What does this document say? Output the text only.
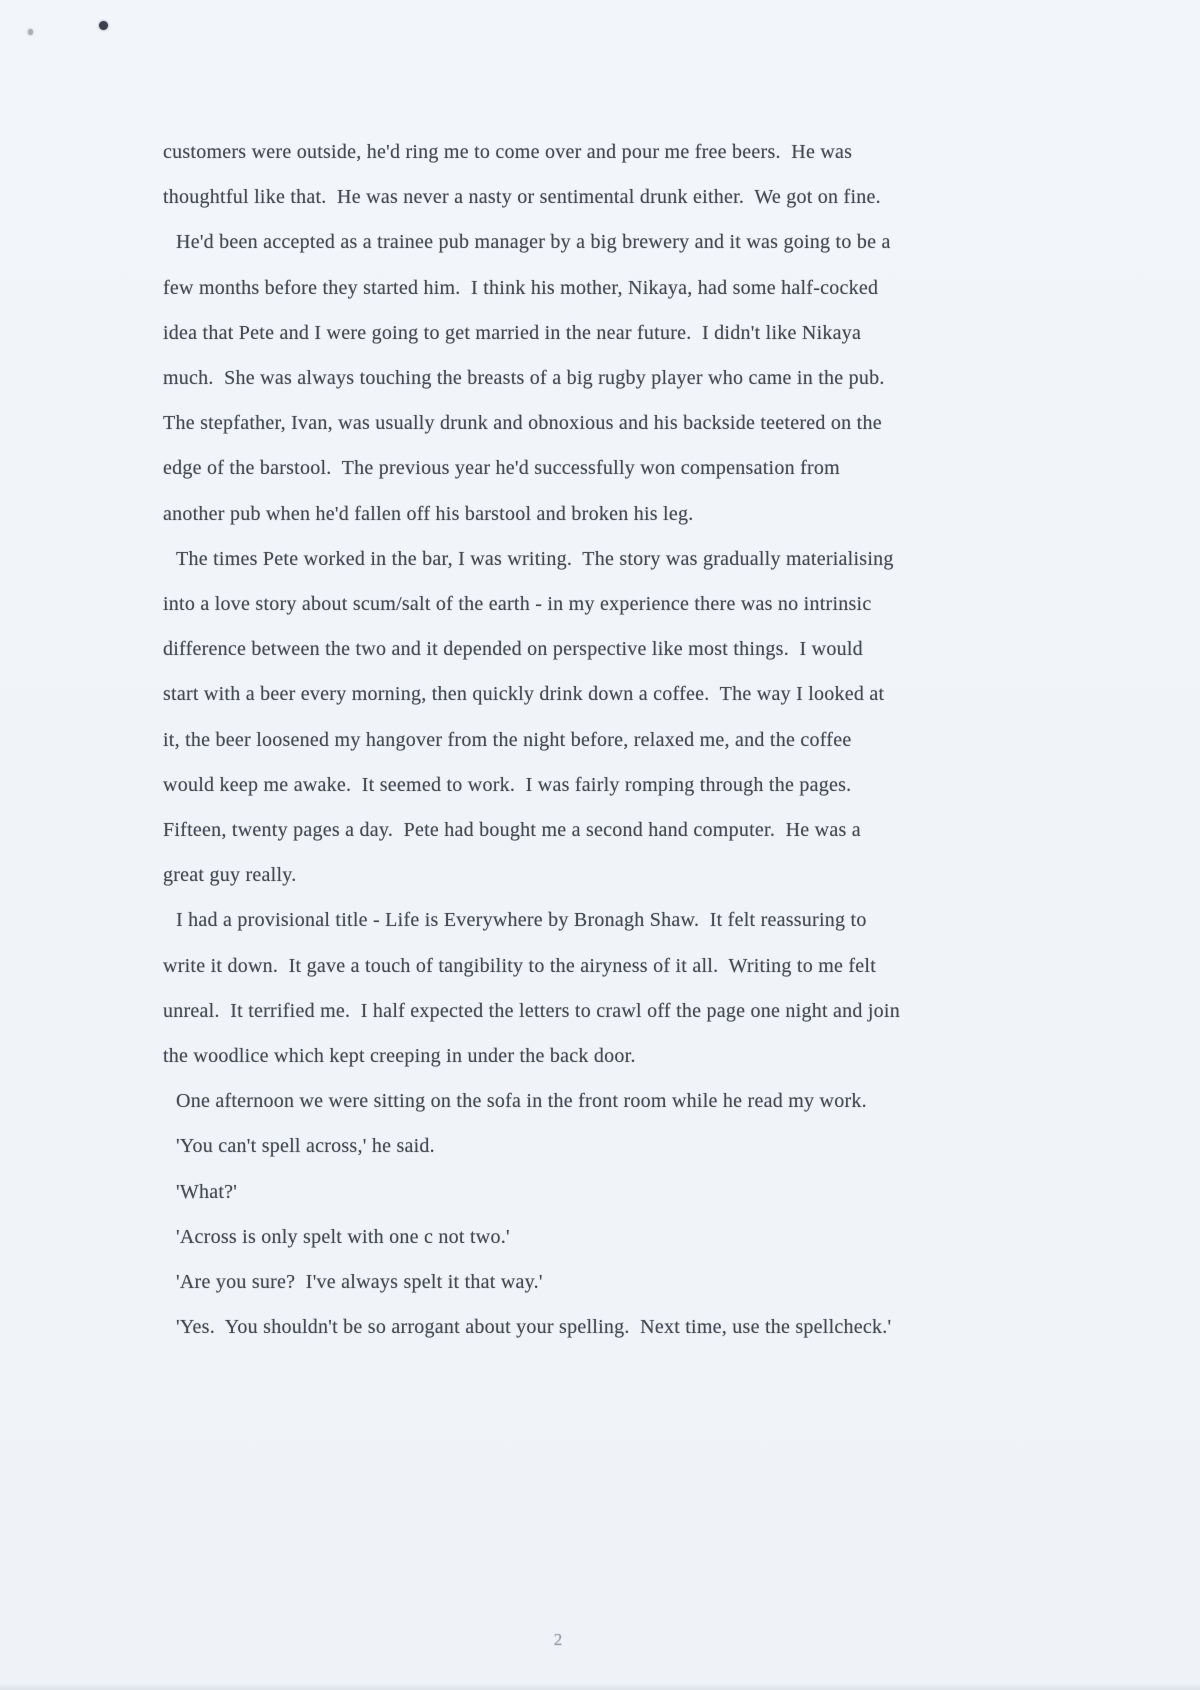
customers were outside, he'd ring me to come over and pour me free beers.  He was
thoughtful like that.  He was never a nasty or sentimental drunk either.  We got on fine.
He'd been accepted as a trainee pub manager by a big brewery and it was going to be a
few months before they started him.  I think his mother, Nikaya, had some half-cocked
idea that Pete and I were going to get married in the near future.  I didn't like Nikaya
much.  She was always touching the breasts of a big rugby player who came in the pub.
The stepfather, Ivan, was usually drunk and obnoxious and his backside teetered on the
edge of the barstool.  The previous year he'd successfully won compensation from
another pub when he'd fallen off his barstool and broken his leg.
The times Pete worked in the bar, I was writing.  The story was gradually materialising
into a love story about scum/salt of the earth - in my experience there was no intrinsic
difference between the two and it depended on perspective like most things.  I would
start with a beer every morning, then quickly drink down a coffee.  The way I looked at
it, the beer loosened my hangover from the night before, relaxed me, and the coffee
would keep me awake.  It seemed to work.  I was fairly romping through the pages.
Fifteen, twenty pages a day.  Pete had bought me a second hand computer.  He was a
great guy really.
I had a provisional title - Life is Everywhere by Bronagh Shaw.  It felt reassuring to
write it down.  It gave a touch of tangibility to the airyness of it all.  Writing to me felt
unreal.  It terrified me.  I half expected the letters to crawl off the page one night and join
the woodlice which kept creeping in under the back door.
One afternoon we were sitting on the sofa in the front room while he read my work.
'You can't spell across,' he said.
'What?'
'Across is only spelt with one c not two.'
'Are you sure?  I've always spelt it that way.'
'Yes.  You shouldn't be so arrogant about your spelling.  Next time, use the spellcheck.'
2
